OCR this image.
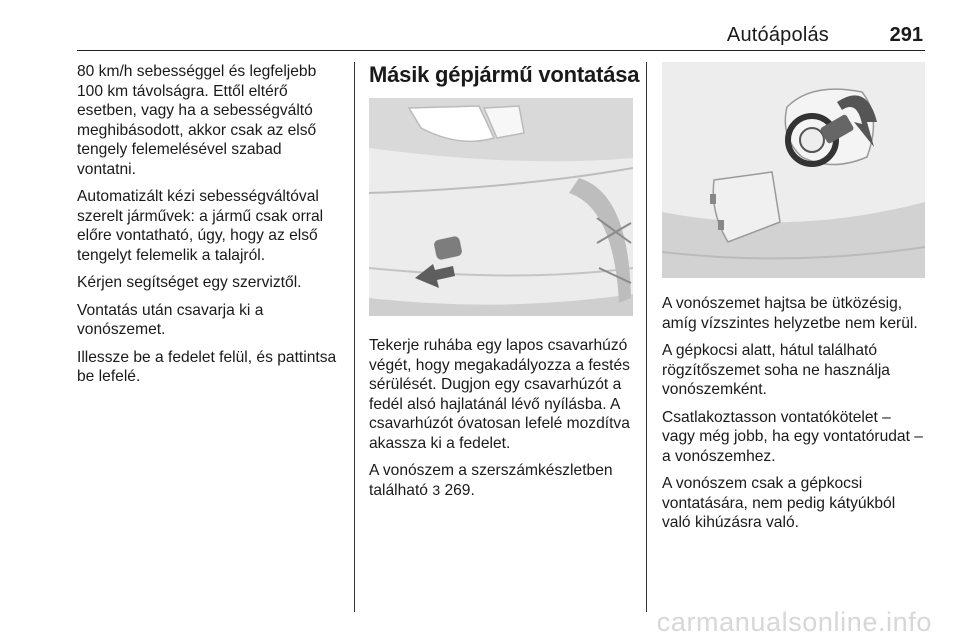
Autóápolás	291

80 km/h sebességgel és legfeljebb 100 km távolságra. Ettől eltérő esetben, vagy ha a sebességváltó meghibásodott, akkor csak az első tengely felemelésével szabad vontatni.

Automatizált kézi sebességváltóval szerelt járművek: a jármű csak orral előre vontatható, úgy, hogy az első tengelyt felemelik a talajról.

Kérjen segítséget egy szerviztől.

Vontatás után csavarja ki a vonószemet.

Illessze be a fedelet felül, és pattintsa be lefelé.

Másik gépjármű vontatása

Tekerje ruhába egy lapos csavarhúzó végét, hogy megakadályozza a festés sérülését. Dugjon egy csavarhúzót a fedél alsó hajlatánál lévő nyílásba. A csavarhúzót óvatosan lefelé mozdítva akassza ki a fedelet.

A vonószem a szerszámkészletben található 3 269.

A vonószemet hajtsa be ütközésig, amíg vízszintes helyzetbe nem kerül.

A gépkocsi alatt, hátul található rögzítőszemet soha ne használja vonószemként.

Csatlakoztasson vontatókötelet – vagy még jobb, ha egy vontatórudat – a vonószemhez.

A vonószem csak a gépkocsi vontatására, nem pedig kátyúkból való kihúzásra való.

carmanualsonline.info
